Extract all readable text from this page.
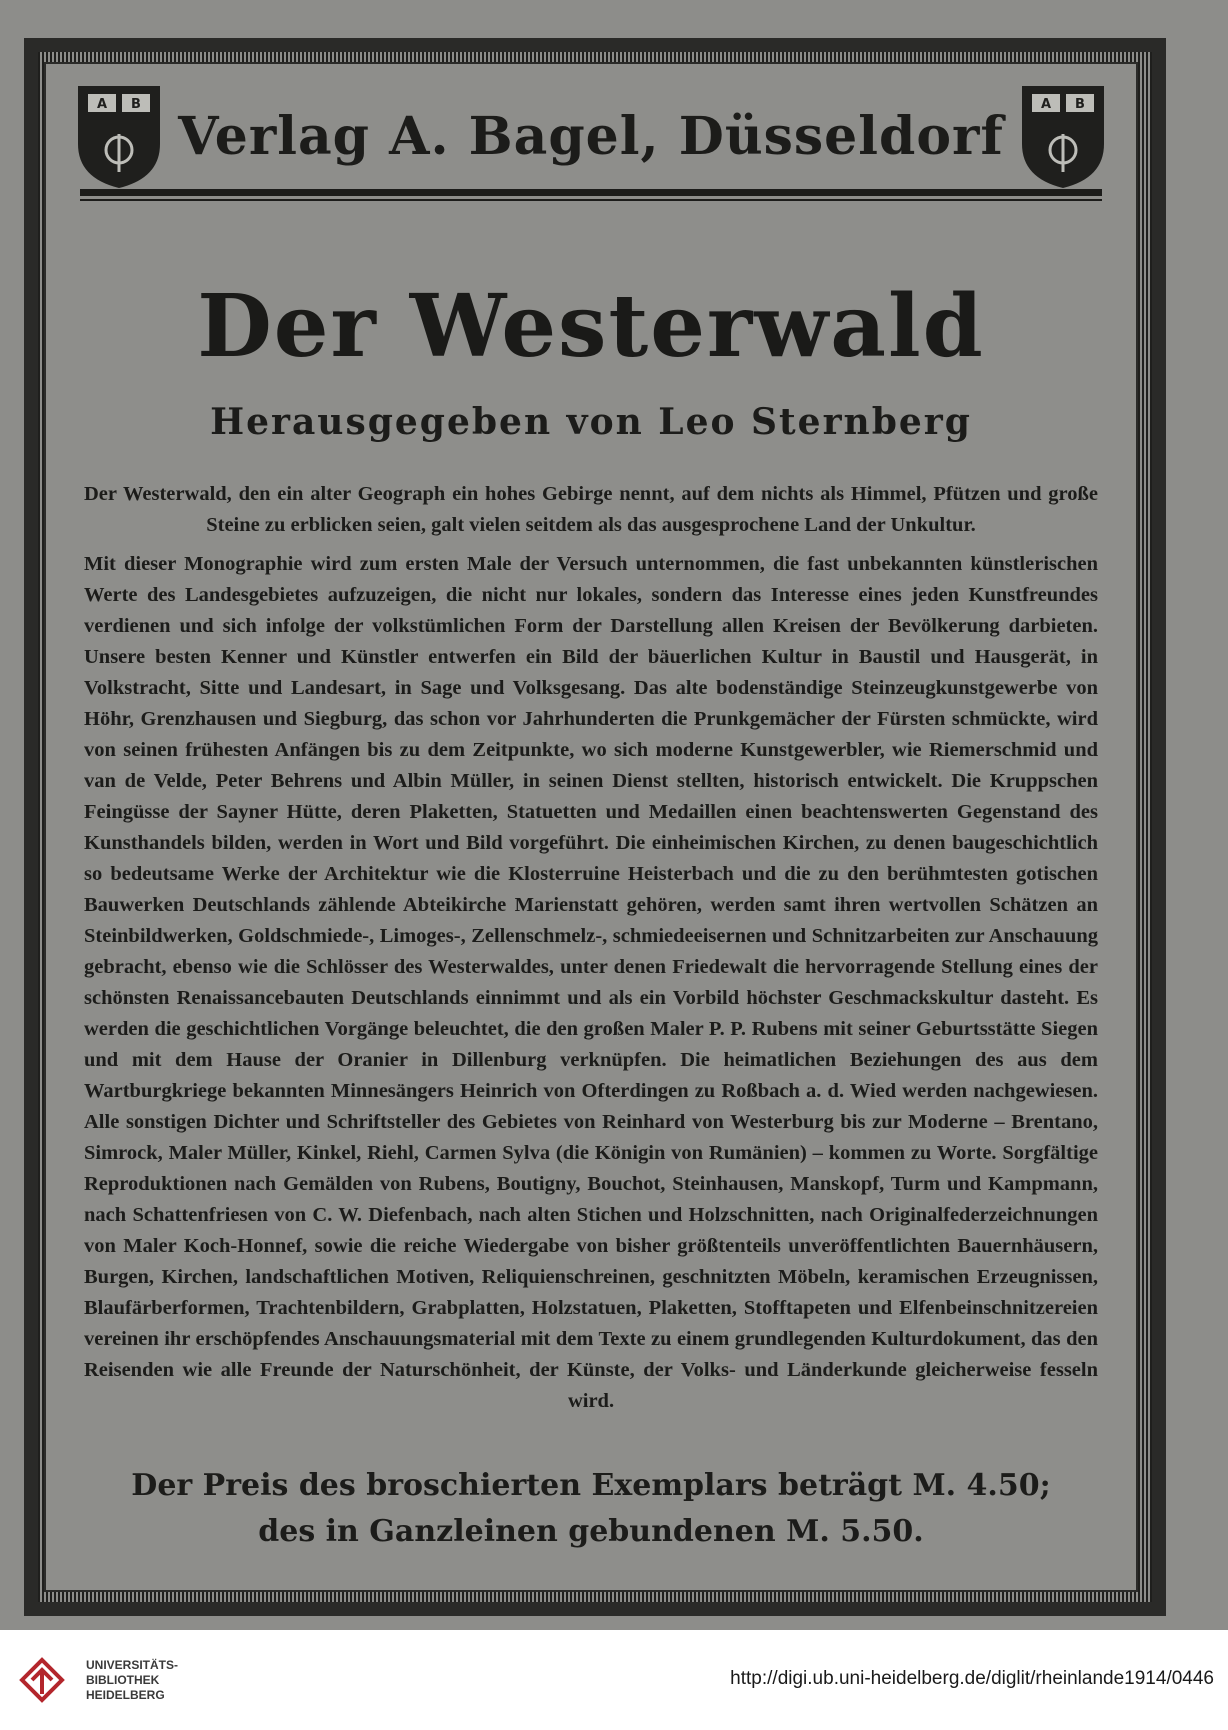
A B	A B
Verlag A. Bagel, Düsseldorf
Der Westerwald
Herausgegeben von Leo Sternberg

Der Westerwald, den ein alter Geograph ein hohes Gebirge nennt, auf dem nichts als Himmel, Pfützen und große Steine zu erblicken seien, galt vielen seitdem als das ausgesprochene Land der Unkultur.

Mit dieser Monographie wird zum ersten Male der Versuch unternommen, die fast unbekannten künstlerischen Werte des Landesgebietes aufzuzeigen, die nicht nur lokales, sondern das Interesse eines jeden Kunstfreundes verdienen und sich infolge der volkstümlichen Form der Darstellung allen Kreisen der Bevölkerung darbieten. Unsere besten Kenner und Künstler entwerfen ein Bild der bäuerlichen Kultur in Baustil und Hausgerät, in Volkstracht, Sitte und Landesart, in Sage und Volksgesang. Das alte bodenständige Steinzeugkunstgewerbe von Höhr, Grenzhausen und Siegburg, das schon vor Jahrhunderten die Prunkgemächer der Fürsten schmückte, wird von seinen frühesten Anfängen bis zu dem Zeitpunkte, wo sich moderne Kunstgewerbler, wie Riemerschmid und van de Velde, Peter Behrens und Albin Müller, in seinen Dienst stellten, historisch entwickelt. Die Kruppschen Feingüsse der Sayner Hütte, deren Plaketten, Statuetten und Medaillen einen beachtenswerten Gegenstand des Kunsthandels bilden, werden in Wort und Bild vorgeführt. Die einheimischen Kirchen, zu denen baugeschichtlich so bedeutsame Werke der Architektur wie die Klosterruine Heisterbach und die zu den berühmtesten gotischen Bauwerken Deutschlands zählende Abteikirche Marienstatt gehören, werden samt ihren wertvollen Schätzen an Steinbildwerken, Goldschmiede-, Limoges-, Zellenschmelz-, schmiedeeisernen und Schnitzarbeiten zur Anschauung gebracht, ebenso wie die Schlösser des Westerwaldes, unter denen Friedewalt die hervorragende Stellung eines der schönsten Renaissancebauten Deutschlands einnimmt und als ein Vorbild höchster Geschmackskultur dasteht. Es werden die geschichtlichen Vorgänge beleuchtet, die den großen Maler P. P. Rubens mit seiner Geburtsstätte Siegen und mit dem Hause der Oranier in Dillenburg verknüpfen. Die heimatlichen Beziehungen des aus dem Wartburgkriege bekannten Minnesängers Heinrich von Ofterdingen zu Roßbach a. d. Wied werden nachgewiesen. Alle sonstigen Dichter und Schriftsteller des Gebietes von Reinhard von Westerburg bis zur Moderne – Brentano, Simrock, Maler Müller, Kinkel, Riehl, Carmen Sylva (die Königin von Rumänien) – kommen zu Worte. Sorgfältige Reproduktionen nach Gemälden von Rubens, Boutigny, Bouchot, Steinhausen, Manskopf, Turm und Kampmann, nach Schattenfriesen von C. W. Diefenbach, nach alten Stichen und Holzschnitten, nach Originalfederzeichnungen von Maler Koch-Honnef, sowie die reiche Wiedergabe von bisher größtenteils unveröffentlichten Bauernhäusern, Burgen, Kirchen, landschaftlichen Motiven, Reliquienschreinen, geschnitzten Möbeln, keramischen Erzeugnissen, Blaufärberformen, Trachtenbildern, Grabplatten, Holzstatuen, Plaketten, Stofftapeten und Elfenbeinschnitzereien vereinen ihr erschöpfendes Anschauungsmaterial mit dem Texte zu einem grundlegenden Kulturdokument, das den Reisenden wie alle Freunde der Naturschönheit, der Künste, der Volks- und Länderkunde gleicherweise fesseln wird.

Der Preis des broschierten Exemplars beträgt M. 4.50;
des in Ganzleinen gebundenen M. 5.50.
UNIVERSITÄTS-
BIBLIOTHEK
HEIDELBERG
http://digi.ub.uni-heidelberg.de/diglit/rheinlande1914/0446
